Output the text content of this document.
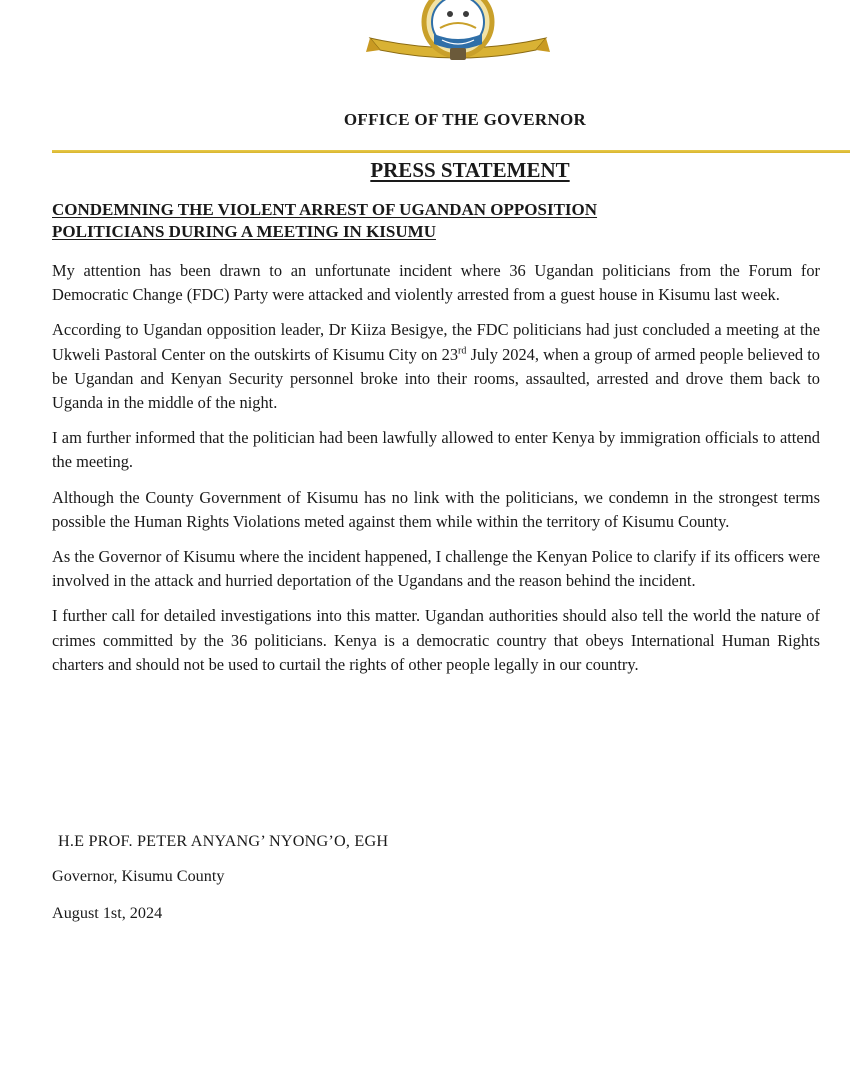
OFFICE OF THE GOVERNOR
PRESS STATEMENT
CONDEMNING THE VIOLENT ARREST OF UGANDAN OPPOSITION
POLITICIANS DURING A MEETING IN KISUMU

My attention has been drawn to an unfortunate incident where 36 Ugandan politicians from the Forum for Democratic Change (FDC) Party were attacked and violently arrested from a guest house in Kisumu last week.

According to Ugandan opposition leader, Dr Kiiza Besigye, the FDC politicians had just concluded a meeting at the Ukweli Pastoral Center on the outskirts of Kisumu City on 23rd July 2024, when a group of armed people believed to be Ugandan and Kenyan Security personnel broke into their rooms, assaulted, arrested and drove them back to Uganda in the middle of the night.

I am further informed that the politician had been lawfully allowed to enter Kenya by immigration officials to attend the meeting.

Although the County Government of Kisumu has no link with the politicians, we condemn in the strongest terms possible the Human Rights Violations meted against them while within the territory of Kisumu County.

As the Governor of Kisumu where the incident happened, I challenge the Kenyan Police to clarify if its officers were involved in the attack and hurried deportation of the Ugandans and the reason behind the incident.

I further call for detailed investigations into this matter. Ugandan authorities should also tell the world the nature of crimes committed by the 36 politicians. Kenya is a democratic country that obeys International Human Rights charters and should not be used to curtail the rights of other people legally in our country.

H.E PROF. PETER ANYANG’ NYONG’O, EGH
Governor, Kisumu County
August 1st, 2024
